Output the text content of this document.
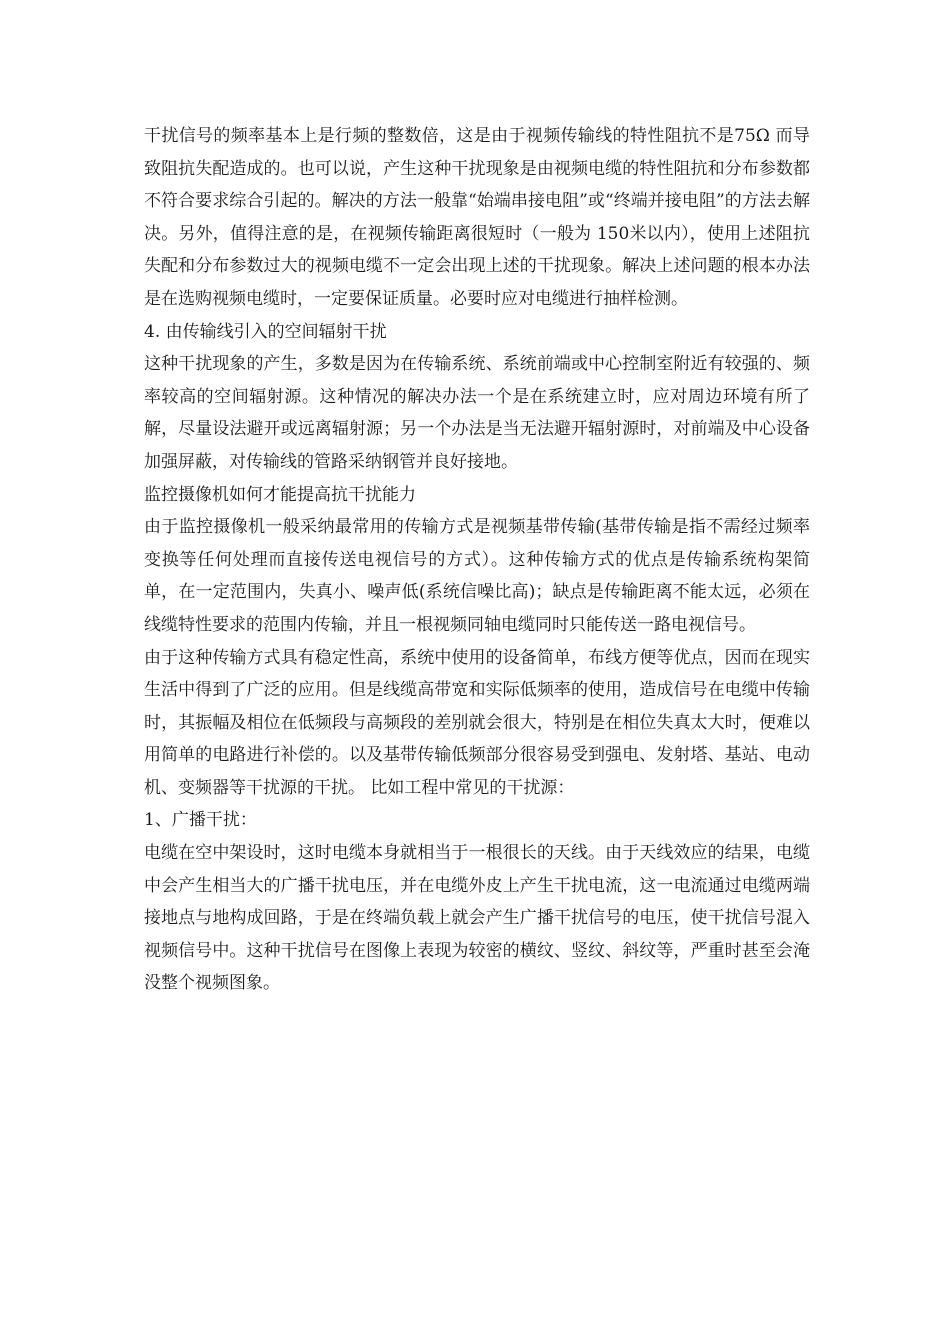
干扰信号的频率基本上是行频的整数倍，这是由于视频传输线的特性阻抗不是75Ω 而导致阻抗失配造成的。也可以说，产生这种干扰现象是由视频电缆的特性阻抗和分布参数都不符合要求综合引起的。解决的方法一般靠“始端串接电阻”或“终端并接电阻”的方法去解决。另外，值得注意的是，在视频传输距离很短时（一般为 150米以内），使用上述阻抗失配和分布参数过大的视频电缆不一定会出现上述的干扰现象。解决上述问题的根本办法是在选购视频电缆时，一定要保证质量。必要时应对电缆进行抽样检测。

4. 由传输线引入的空间辐射干扰

这种干扰现象的产生，多数是因为在传输系统、系统前端或中心控制室附近有较强的、频率较高的空间辐射源。这种情况的解决办法一个是在系统建立时，应对周边环境有所了解，尽量设法避开或远离辐射源；另一个办法是当无法避开辐射源时，对前端及中心设备加强屏蔽，对传输线的管路采纳钢管并良好接地。

监控摄像机如何才能提高抗干扰能力

由于监控摄像机一般采纳最常用的传输方式是视频基带传输(基带传输是指不需经过频率变换等任何处理而直接传送电视信号的方式）。这种传输方式的优点是传输系统构架简单，在一定范围内，失真小、噪声低(系统信噪比高)；缺点是传输距离不能太远，必须在线缆特性要求的范围内传输，并且一根视频同轴电缆同时只能传送一路电视信号。

由于这种传输方式具有稳定性高，系统中使用的设备简单，布线方便等优点，因而在现实生活中得到了广泛的应用。但是线缆高带宽和实际低频率的使用，造成信号在电缆中传输时，其振幅及相位在低频段与高频段的差别就会很大，特别是在相位失真太大时，便难以用简单的电路进行补偿的。以及基带传输低频部分很容易受到强电、发射塔、基站、电动机、变频器等干扰源的干扰。 比如工程中常见的干扰源：

1、广播干扰：

电缆在空中架设时，这时电缆本身就相当于一根很长的天线。由于天线效应的结果，电缆中会产生相当大的广播干扰电压，并在电缆外皮上产生干扰电流，这一电流通过电缆两端接地点与地构成回路，于是在终端负载上就会产生广播干扰信号的电压，使干扰信号混入视频信号中。这种干扰信号在图像上表现为较密的横纹、竖纹、斜纹等，严重时甚至会淹没整个视频图象。
